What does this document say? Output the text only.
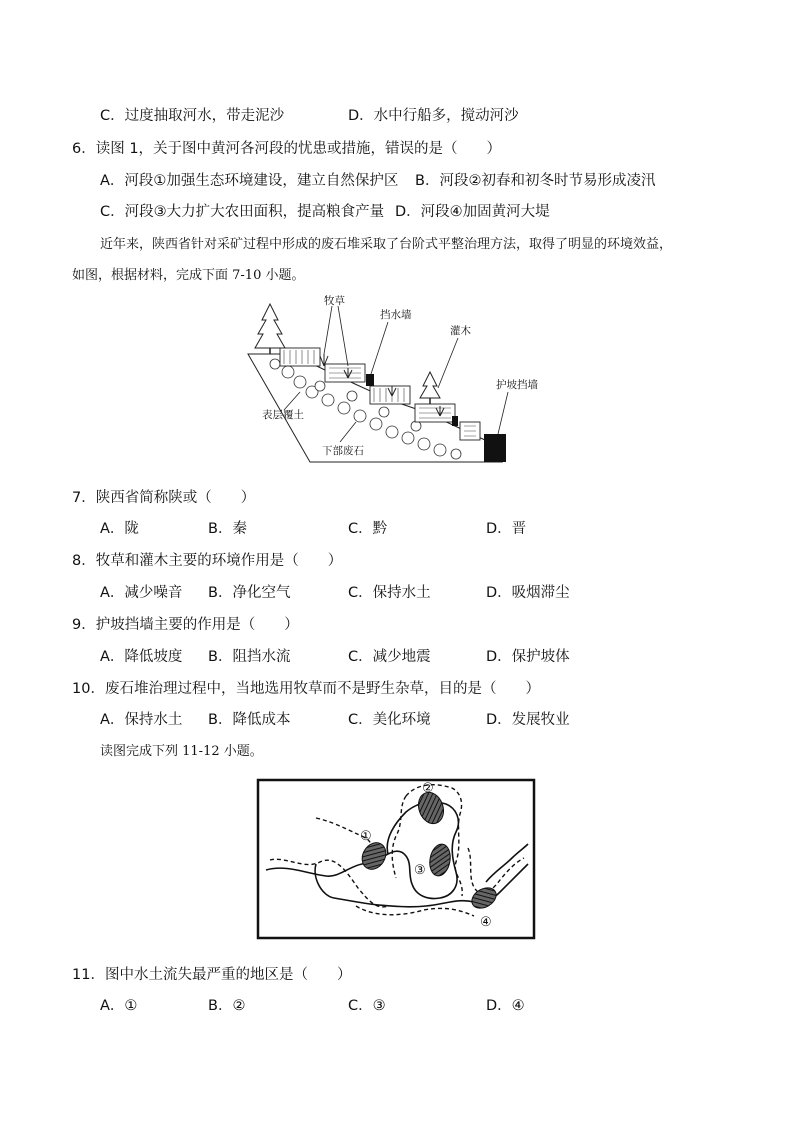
C．过度抽取河水，带走泥沙	D．水中行船多，搅动河沙
6．读图 1，关于图中黄河各河段的忧患或措施，错误的是（　　）
A．河段①加强生态环境建设，建立自然保护区 B．河段②初春和初冬时节易形成凌汛
C．河段③大力扩大农田面积，提高粮食产量 D．河段④加固黄河大堤
近年来，陕西省针对采矿过程中形成的废石堆采取了台阶式平整治理方法，取得了明显的环境效益，
如图，根据材料，完成下面 7-10 小题。
牧草
挡水墙
灌木
护坡挡墙
表层覆土
下部废石
7．陕西省简称陕或（　　）
A．陇	B．秦	C．黔	D．晋
8．牧草和灌木主要的环境作用是（　　）
A．减少噪音 B．净化空气	C．保持水土	D．吸烟滞尘
9．护坡挡墙主要的作用是（　　）
A．降低坡度 B．阻挡水流	C．减少地震	D．保护坡体
10．废石堆治理过程中，当地选用牧草而不是野生杂草，目的是（　　）
A．保持水土 B．降低成本	C．美化环境	D．发展牧业
读图完成下列 11-12 小题。
①
②
③
④
11．图中水土流失最严重的地区是（　　）
A．①	B．②	C．③	D．④
